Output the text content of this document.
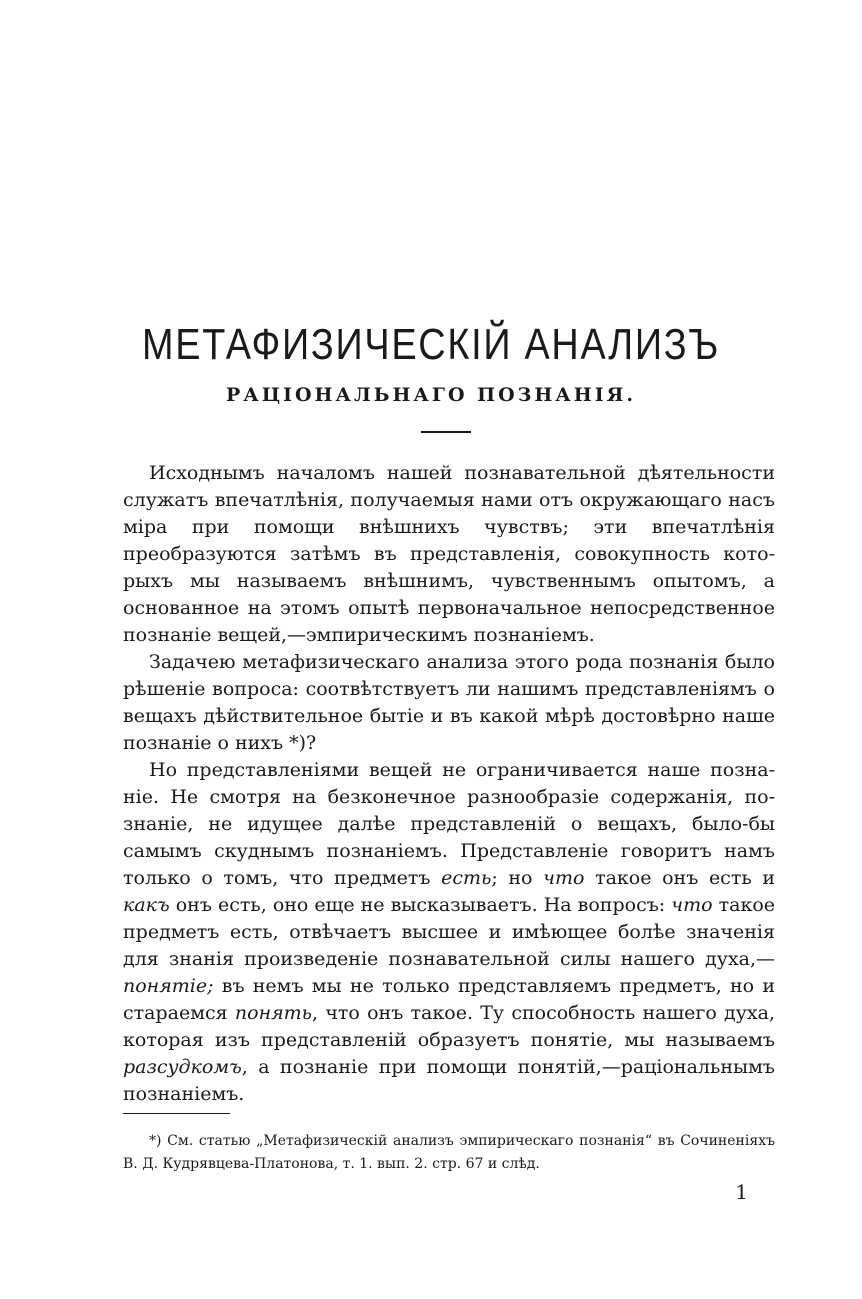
МЕТАФИЗИЧЕСКІЙ АНАЛИЗЪ
РАЦІОНАЛЬНАГО ПОЗНАНІЯ.

Исходнымъ началомъ нашей познавательной дѣятельности служатъ впечатлѣнія, получаемыя нами отъ окружающаго насъ міра при помощи внѣшнихъ чувствъ; эти впечатлѣнія преобразуются затѣмъ въ представленія, совокупность которыхъ мы называемъ внѣшнимъ, чувственнымъ опытомъ, а основанное на этомъ опытѣ первоначальное непосредственное познаніе вещей,—эмпирическимъ познаніемъ.

Задачею метафизическаго анализа этого рода познанія было рѣшеніе вопроса: соотвѣтствуетъ ли нашимъ представленіямъ о вещахъ дѣйствительное бытіе и въ какой мѣрѣ достовѣрно наше познаніе о нихъ *)?

Но представленіями вещей не ограничивается наше познаніе. Не смотря на безконечное разнообразіе содержанія, познаніе, не идущее далѣе представленій о вещахъ, было-бы самымъ скуднымъ познаніемъ. Представленіе говоритъ намъ только о томъ, что предметъ есть; но что такое онъ есть и какъ онъ есть, оно еще не высказываетъ. На вопросъ: что такое предметъ есть, отвѣчаетъ высшее и имѣющее болѣе значенія для знанія произведеніе познавательной силы нашего духа,—понятіе; въ немъ мы не только представляемъ предметъ, но и стараемся понять, что онъ такое. Ту способность нашего духа, которая изъ представленій образуетъ понятіе, мы называемъ разсудкомъ, а познаніе при помощи понятій,—раціональнымъ познаніемъ.

*) См. статью „Метафизическій анализъ эмпирическаго познанія“ въ Сочиненіяхъ В. Д. Кудрявцева-Платонова, т. 1. вып. 2. стр. 67 и слѣд.
1
